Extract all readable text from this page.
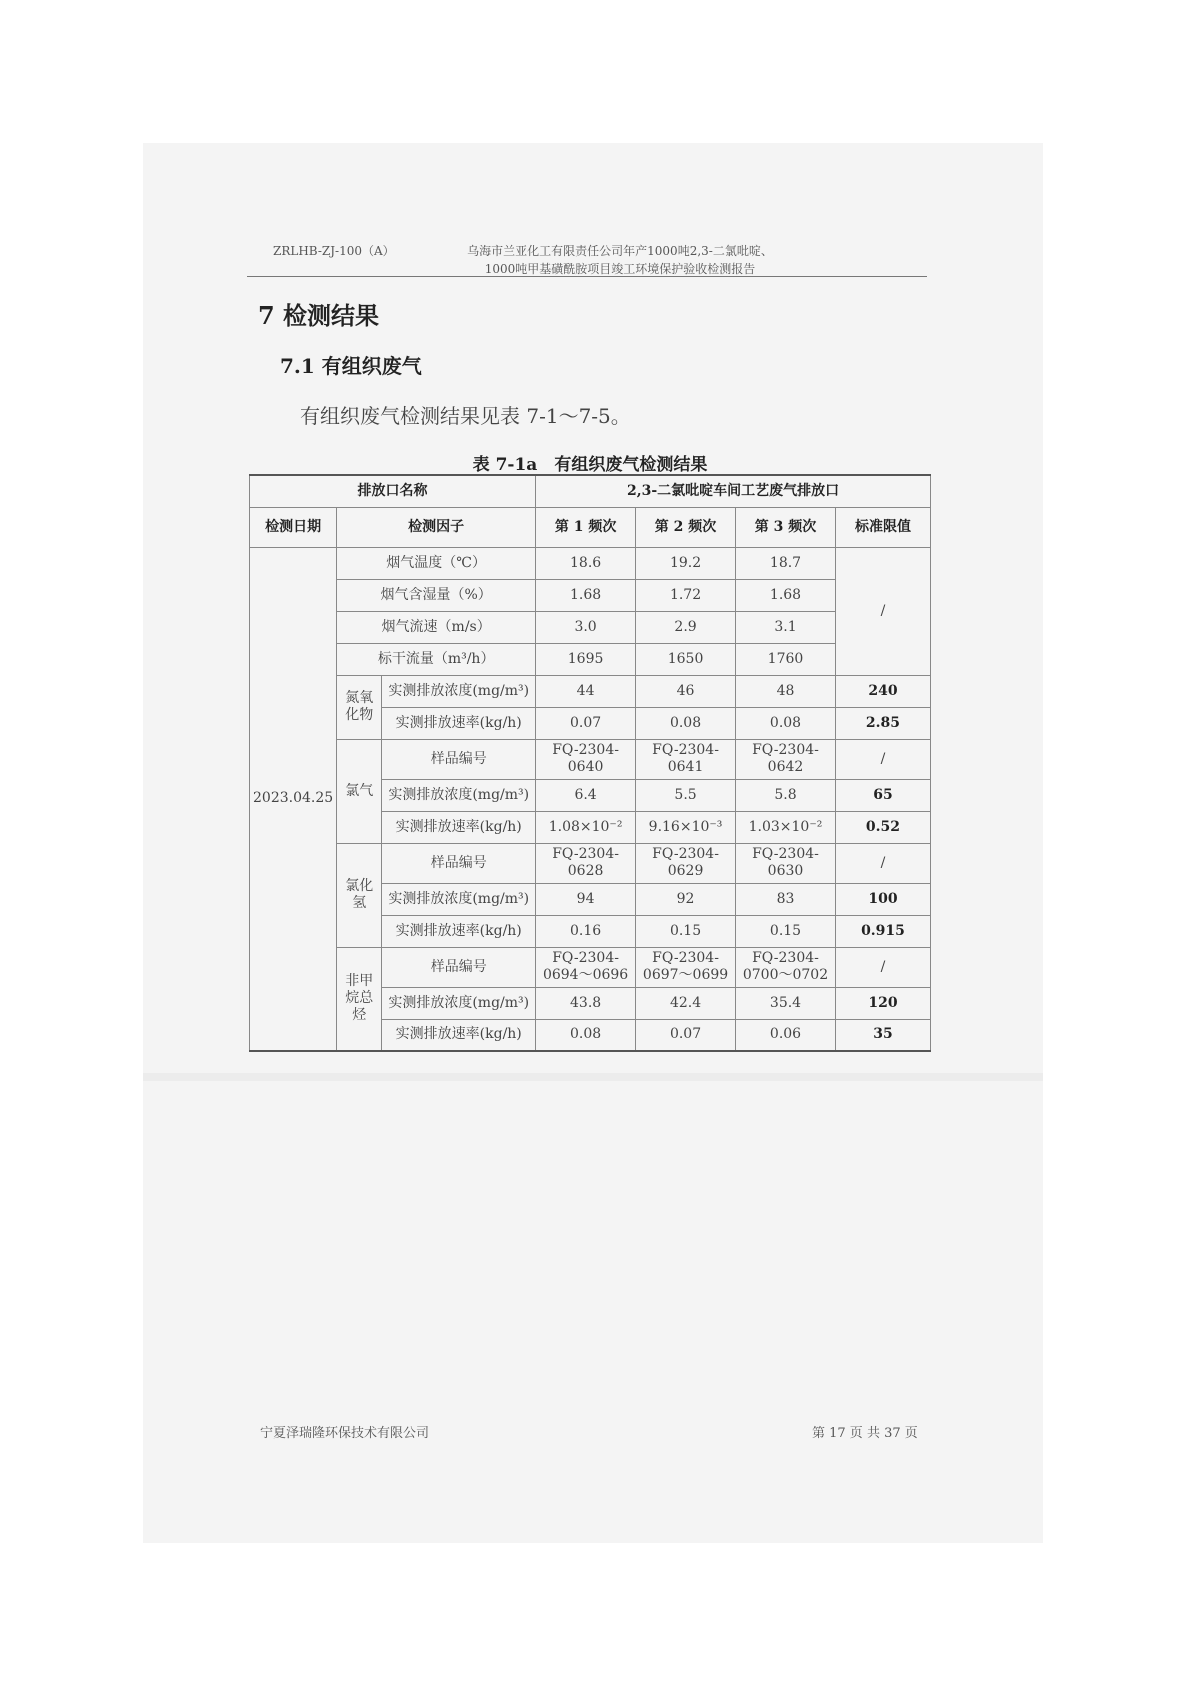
ZRLHB-ZJ-100（A）	乌海市兰亚化工有限责任公司年产1000吨2,3-二氯吡啶、
1000吨甲基磺酰胺项目竣工环境保护验收检测报告
7 检测结果
7.1 有组织废气
有组织废气检测结果见表 7-1～7-5。
表 7-1a　有组织废气检测结果
排放口名称			2,3-二氯吡啶车间工艺废气排放口			
检测日期	检测因子		第 1 频次	第 2 频次	第 3 频次	标准限值
2023.04.25	烟气温度（℃）		18.6	19.2	18.7	/
	烟气含湿量（%）		1.68	1.72	1.68	
	烟气流速（m/s）		3.0	2.9	3.1	
	标干流量（m³/h）		1695	1650	1760	
	氮氧化物	实测排放浓度(mg/m³)	44	46	48	240
		实测排放速率(kg/h)	0.07	0.08	0.08	2.85
	氯气	样品编号	FQ-2304-0640	FQ-2304-0641	FQ-2304-0642	/
		实测排放浓度(mg/m³)	6.4	5.5	5.8	65
		实测排放速率(kg/h)	1.08×10⁻²	9.16×10⁻³	1.03×10⁻²	0.52
	氯化氢	样品编号	FQ-2304-0628	FQ-2304-0629	FQ-2304-0630	/
		实测排放浓度(mg/m³)	94	92	83	100
		实测排放速率(kg/h)	0.16	0.15	0.15	0.915
	非甲烷总烃	样品编号	FQ-2304-0694～0696	FQ-2304-0697～0699	FQ-2304-0700～0702	/
		实测排放浓度(mg/m³)	43.8	42.4	35.4	120
		实测排放速率(kg/h)	0.08	0.07	0.06	35
宁夏泽瑞隆环保技术有限公司	第 17 页 共 37 页
